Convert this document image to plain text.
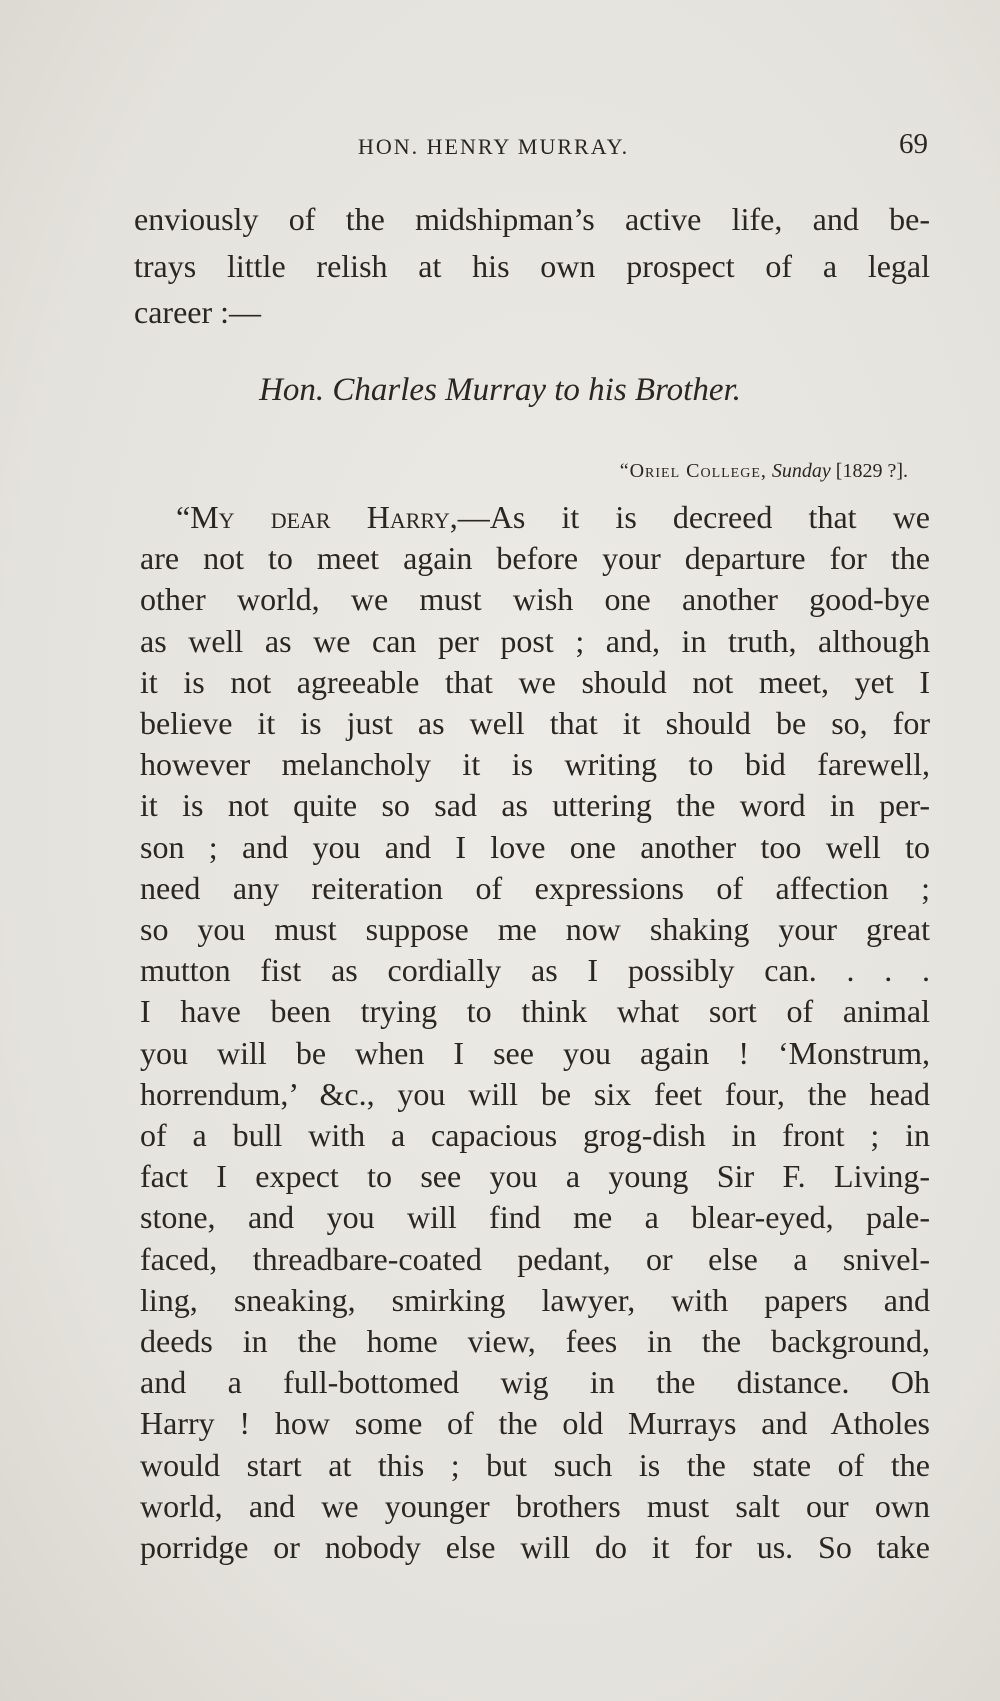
HON. HENRY MURRAY.	69
enviously of the midshipman’s active life, and be-
trays little relish at his own prospect of a legal
career :—
Hon. Charles Murray to his Brother.
“Oriel College, Sunday [1829 ?].
“My dear Harry,—As it is decreed that we
are not to meet again before your departure for the
other world, we must wish one another good-bye
as well as we can per post ; and, in truth, although
it is not agreeable that we should not meet, yet I
believe it is just as well that it should be so, for
however melancholy it is writing to bid farewell,
it is not quite so sad as uttering the word in per-
son ; and you and I love one another too well to
need any reiteration of expressions of affection ;
so you must suppose me now shaking your great
mutton fist as cordially as I possibly can. . . .
I have been trying to think what sort of animal
you will be when I see you again ! ‘Monstrum,
horrendum,’ &c., you will be six feet four, the head
of a bull with a capacious grog-dish in front ; in
fact I expect to see you a young Sir F. Living-
stone, and you will find me a blear-eyed, pale-
faced, threadbare-coated pedant, or else a snivel-
ling, sneaking, smirking lawyer, with papers and
deeds in the home view, fees in the background,
and a full-bottomed wig in the distance. Oh
Harry ! how some of the old Murrays and Atholes
would start at this ; but such is the state of the
world, and we younger brothers must salt our own
porridge or nobody else will do it for us. So take
